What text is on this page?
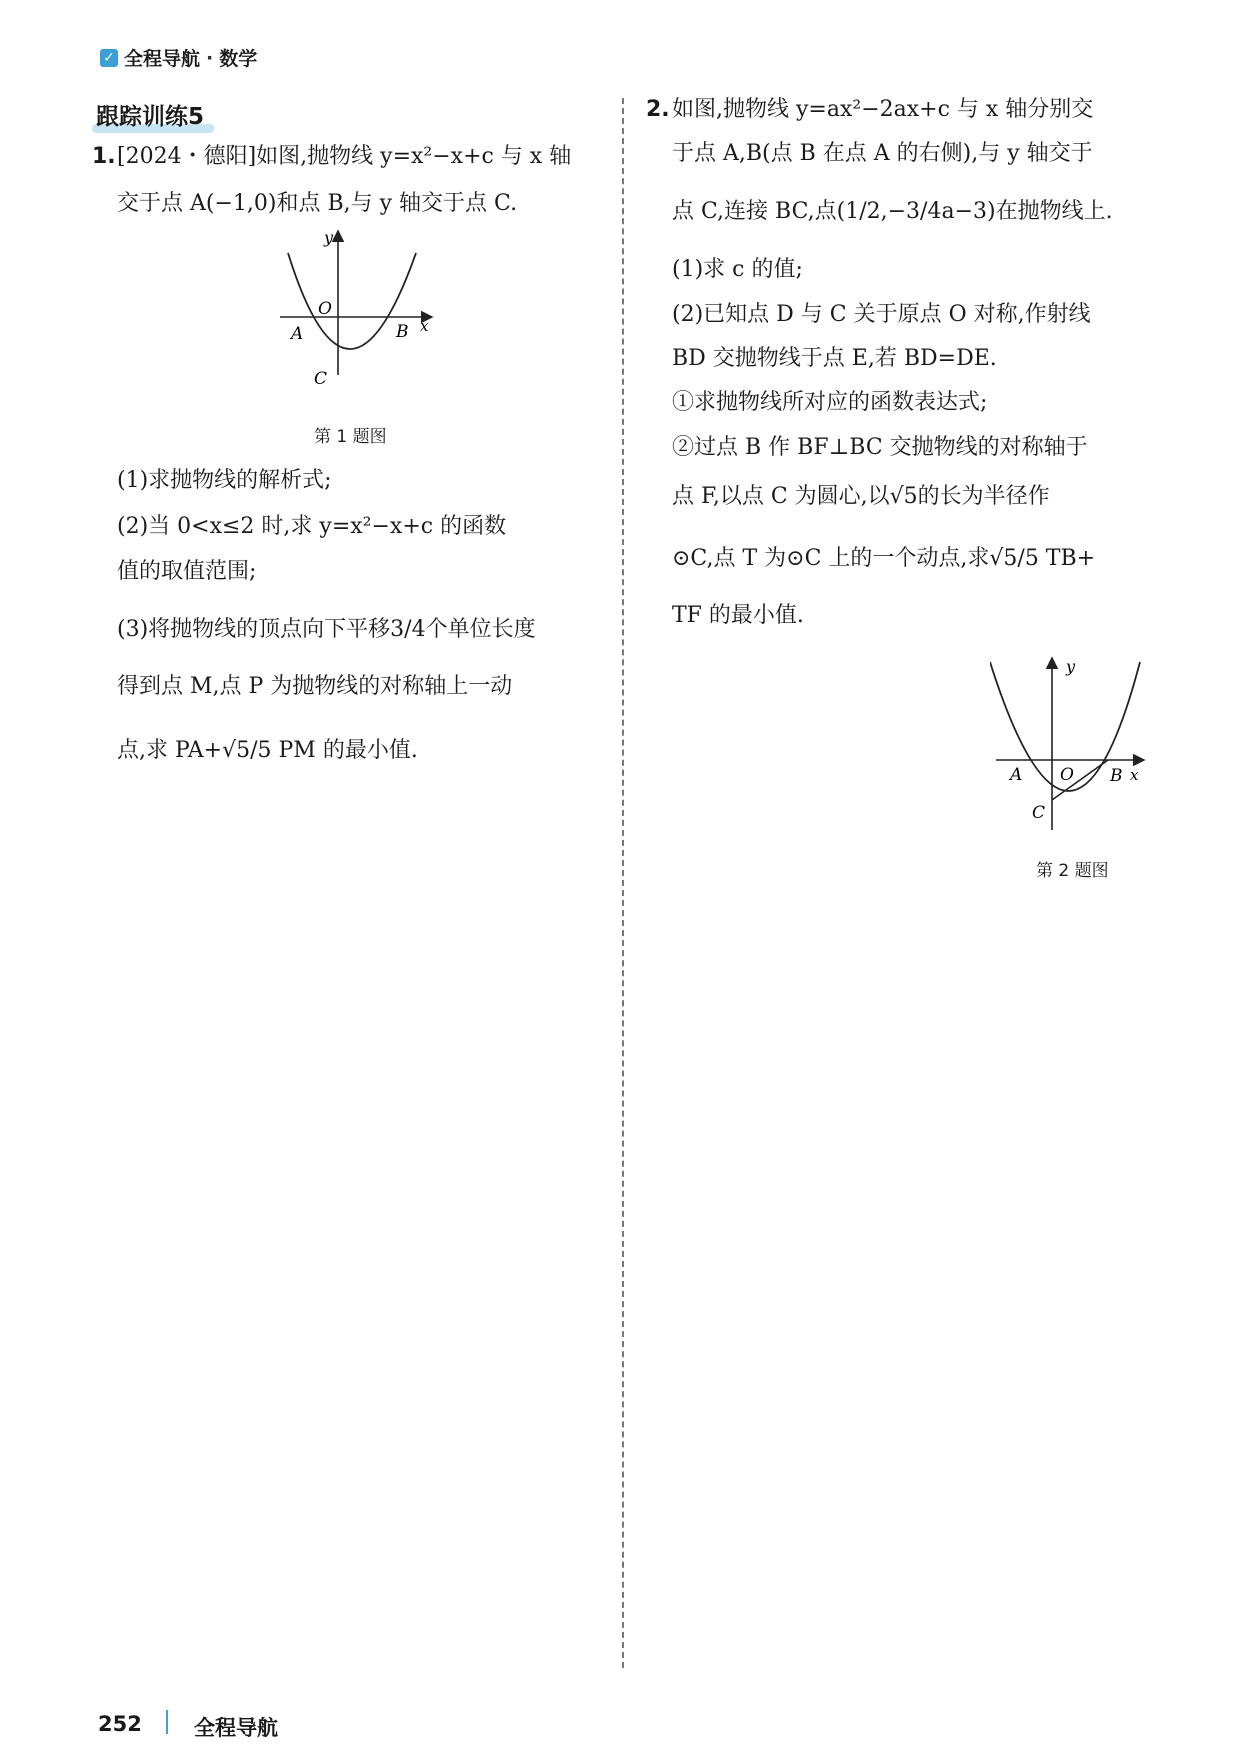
✓ 全程导航 · 数学
跟踪训练5
1. [2024・德阳]如图,抛物线 y=x²−x+c 与 x 轴
交于点 A(−1,0)和点 B,与 y 轴交于点 C.
y
O
A	B x
C
第 1 题图
(1)求抛物线的解析式;
(2)当 0<x≤2 时,求 y=x²−x+c 的函数
值的取值范围;
(3)将抛物线的顶点向下平移3/4个单位长度
得到点 M,点 P 为抛物线的对称轴上一动
点,求 PA+√5/5 PM 的最小值.
2. 如图,抛物线 y=ax²−2ax+c 与 x 轴分别交
于点 A,B(点 B 在点 A 的右侧),与 y 轴交于
点 C,连接 BC,点(1/2,−3/4a−3)在抛物线上.
(1)求 c 的值;
(2)已知点 D 与 C 关于原点 O 对称,作射线
BD 交抛物线于点 E,若 BD=DE.
①求抛物线所对应的函数表达式;
②过点 B 作 BF⊥BC 交抛物线的对称轴于
点 F,以点 C 为圆心,以√5的长为半径作
⊙C,点 T 为⊙C 上的一个动点,求√5/5 TB+
TF 的最小值.
y
O
A	B x
C
第 2 题图
252 全程导航
